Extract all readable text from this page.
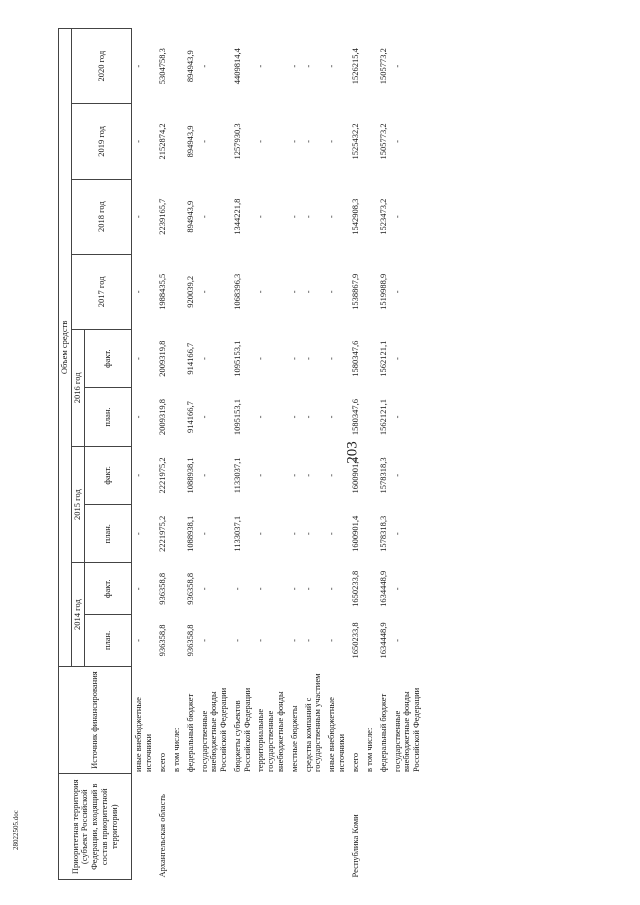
203
28022505.doc	Приоритетная территория (субъект Российской Федерации, входящий в состав приоритетной территории)	Источник финансирования	Объем средств									
		2014 год		2015 год		2016 год		2017 год	2018 год	2019 год	2020 год
		план.	факт.	план.	факт.	план.	факт.				
	иные внебюджетные источники	-	-	-	-	-	-	-	-	-	-
Архангельская область	всего	936358,8	936358,8	2221975,2	2221975,2	2009319,8	2009319,8	1988435,5	2239165,7	2152874,2	5304758,3
	в том числе:										
	федеральный бюджет	936358,8	936358,8	1088938,1	1088938,1	914166,7	914166,7	920039,2	894943,9	894943,9	894943,9
	государственные внебюджетные фонды Российской Федерации	-	-	-	-	-	-	-	-	-	-
	бюджеты субъектов Российской Федерации	-	-	1133037,1	1133037,1	1095153,1	1095153,1	1068396,3	1344221,8	1257930,3	4409814,4
	территориальные государственные внебюджетные фонды	-	-	-	-	-	-	-	-	-	-
	местные бюджеты	-	-	-	-	-	-	-	-	-	-
	средства компаний с государственным участием	-	-	-	-	-	-	-	-	-	-
	иные внебюджетные источники	-	-	-	-	-	-	-	-	-	-
Республика Коми	всего	1650233,8	1650233,8	1600901,4	1600901,4	1580347,6	1580347,6	1538867,9	1542908,3	1525432,2	1526215,4
	в том числе:										
	федеральный бюджет	1634448,9	1634448,9	1578318,3	1578318,3	1562121,1	1562121,1	1519988,9	1523473,2	1505773,2	1505773,2
	государственные внебюджетные фонды Российской Федерации	-	-	-	-	-	-	-	-	-	-
